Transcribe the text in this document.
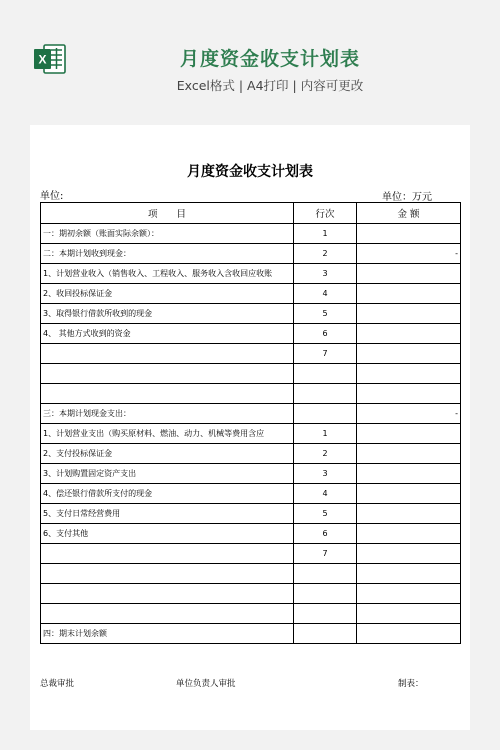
X	月度资金收支计划表
Excel格式 | A4打印 | 内容可更改
月度资金收支计划表
单位:	单位：万元
项　　目	行次	金 额
一：期初余额（账面实际余额）：	1	
二：本期计划收到现金：	2	-
1、计划营业收入（销售收入、工程收入、服务收入含收回应收账	3	
2、收回投标保证金	4	
3、取得银行借款所收到的现金	5	
4、 其他方式收到的资金	6	
	7	

三：本期计划现金支出：		-
1、计划营业支出（购买原材料、燃油、动力、机械等费用含应	1	
2、支付投标保证金	2	
3、计划购置固定资产支出	3	
4、偿还银行借款所支付的现金	4	
5、支付日常经营费用	5	
6、支付其他	6	
	7	

四：期末计划余额		
总裁审批	单位负责人审批	制表：
